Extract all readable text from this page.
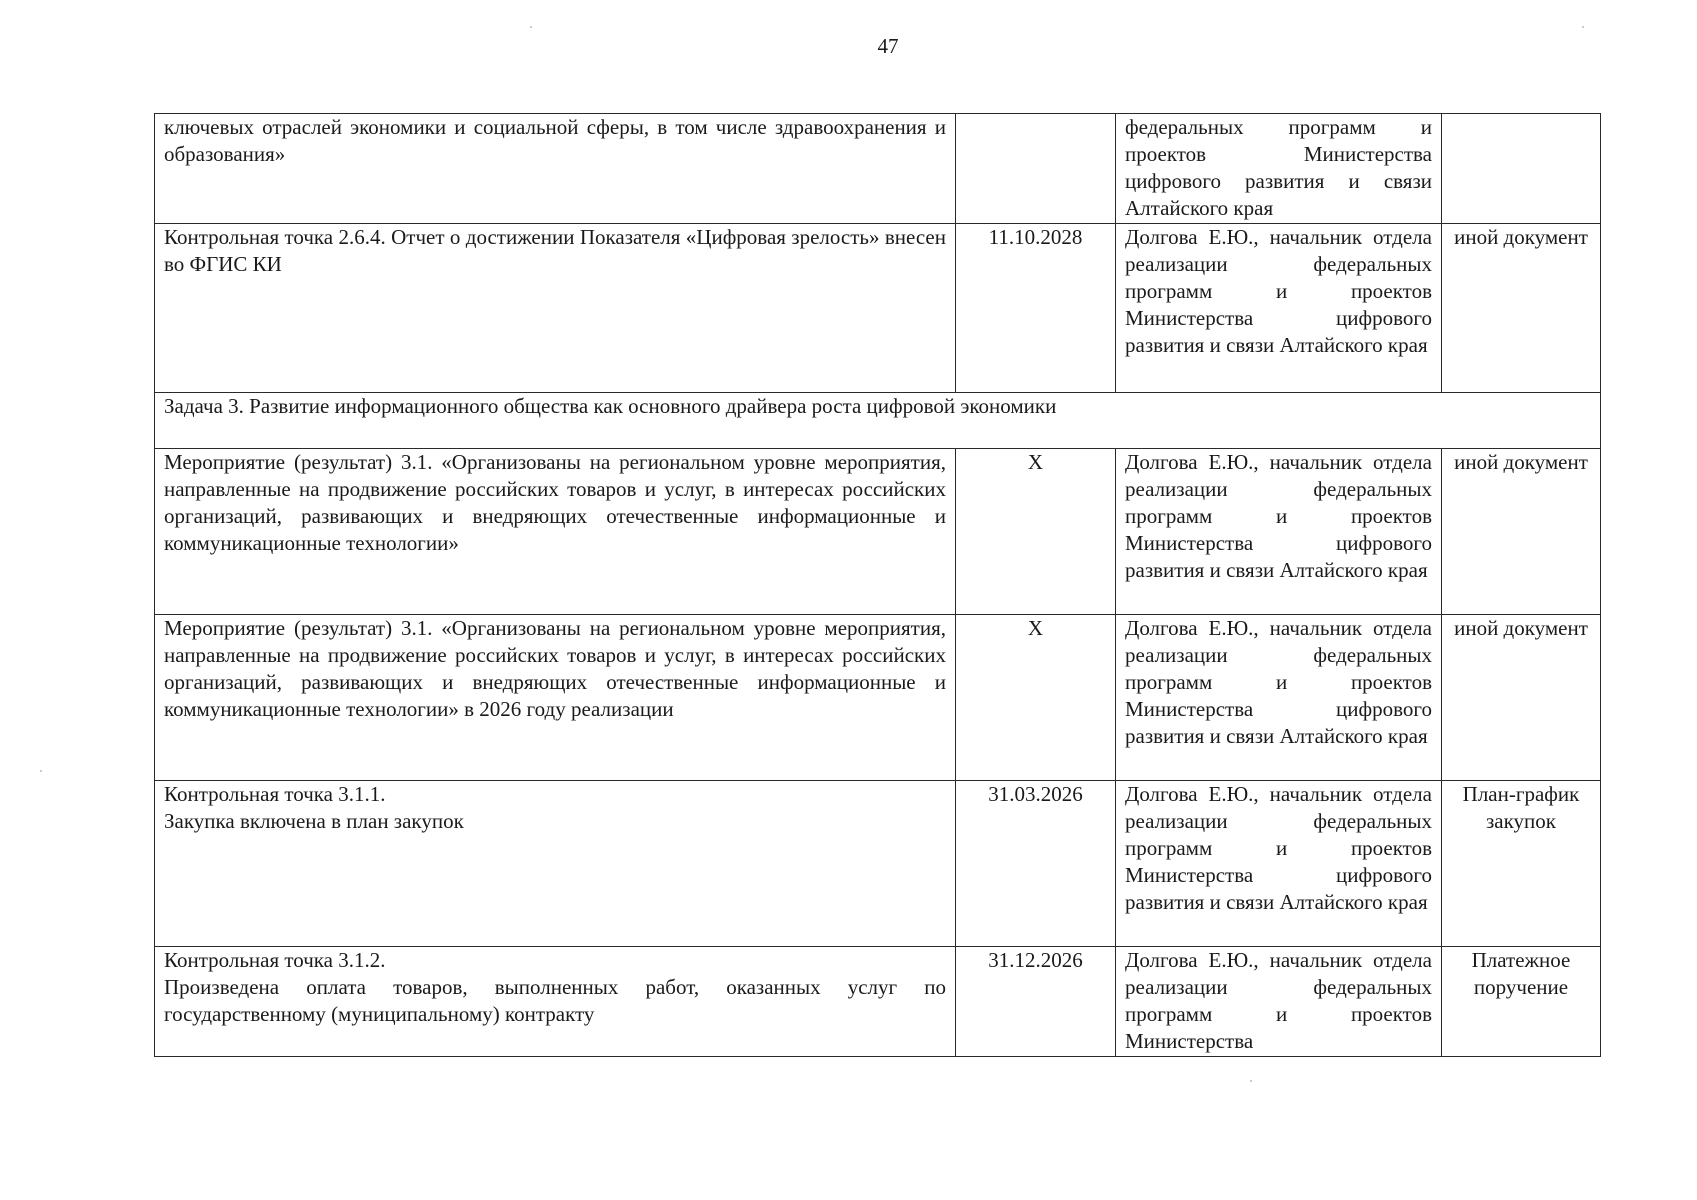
47
ключевых отраслей экономики и социальной сферы, в том числе здравоохранения и образования»		федеральных программ и проектов Министерства цифрового развития и связи Алтайского края	

Контрольная точка 2.6.4. Отчет о достижении Показателя «Цифровая зрелость» внесен во ФГИС КИ	11.10.2028	Долгова Е.Ю., начальник отдела реализации федеральных программ и проектов Министерства цифрового развития и связи Алтайского края	иной документ
Задача 3. Развитие информационного общества как основного драйвера роста цифровой экономики			

Мероприятие (результат) 3.1. «Организованы на региональном уровне мероприятия, направленные на продвижение российских товаров и услуг, в интересах российских организаций, развивающих и внедряющих отечественные информационные и коммуникационные технологии»	X	Долгова Е.Ю., начальник отдела реализации федеральных программ и проектов Министерства цифрового развития и связи Алтайского края	иной документ

Мероприятие (результат) 3.1. «Организованы на региональном уровне мероприятия, направленные на продвижение российских товаров и услуг, в интересах российских организаций, развивающих и внедряющих отечественные информационные и коммуникационные технологии» в 2026 году реализации	X	Долгова Е.Ю., начальник отдела реализации федеральных программ и проектов Министерства цифрового развития и связи Алтайского края	иной документ

Контрольная точка 3.1.1.
Закупка включена в план закупок	31.03.2026	Долгова Е.Ю., начальник отдела реализации федеральных программ и проектов Министерства цифрового развития и связи Алтайского края	План-график закупок

Контрольная точка 3.1.2.
Произведена оплата товаров, выполненных работ, оказанных услуг по государственному (муниципальному) контракту	31.12.2026	Долгова Е.Ю., начальник отдела реализации федеральных программ и проектов Министерства	Платежное поручение
